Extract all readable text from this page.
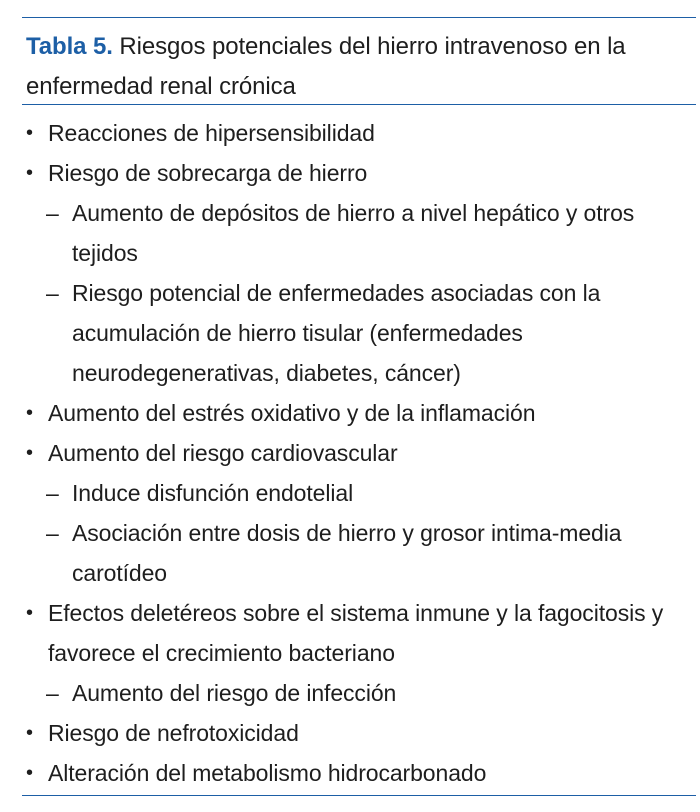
Tabla 5. Riesgos potenciales del hierro intravenoso en la enfermedad renal crónica
• Reacciones de hipersensibilidad
• Riesgo de sobrecarga de hierro
– Aumento de depósitos de hierro a nivel hepático y otros tejidos
– Riesgo potencial de enfermedades asociadas con la acumulación de hierro tisular (enfermedades neurodegenerativas, diabetes, cáncer)
• Aumento del estrés oxidativo y de la inflamación
• Aumento del riesgo cardiovascular
– Induce disfunción endotelial
– Asociación entre dosis de hierro y grosor intima-media carotídeo
• Efectos deletéreos sobre el sistema inmune y la fagocitosis y favorece el crecimiento bacteriano
– Aumento del riesgo de infección
• Riesgo de nefrotoxicidad
• Alteración del metabolismo hidrocarbonado
